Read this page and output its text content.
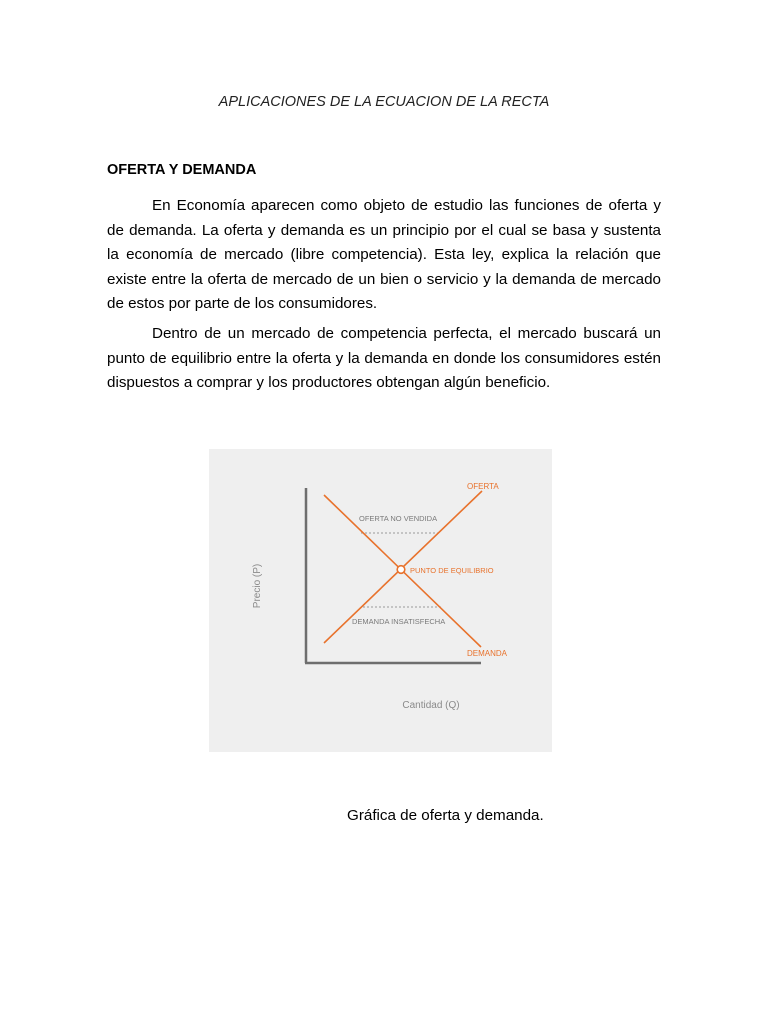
APLICACIONES DE LA ECUACION DE LA RECTA
OFERTA Y DEMANDA

En Economía aparecen como objeto de estudio las funciones de oferta y de demanda. La oferta y demanda es un principio por el cual se basa y sustenta la economía de mercado (libre competencia). Esta ley, explica la relación que existe entre la oferta de mercado de un bien o servicio y la demanda de mercado de estos por parte de los consumidores.

Dentro de un mercado de competencia perfecta, el mercado buscará un punto de equilibrio entre la oferta y la demanda en donde los consumidores estén dispuestos a comprar y los productores obtengan algún beneficio.

OFERTA
DEMANDA
PUNTO DE EQUILIBRIO
OFERTA NO VENDIDA
DEMANDA INSATISFECHA
Precio (P)
Cantidad (Q)
Gráfica de oferta y demanda.
